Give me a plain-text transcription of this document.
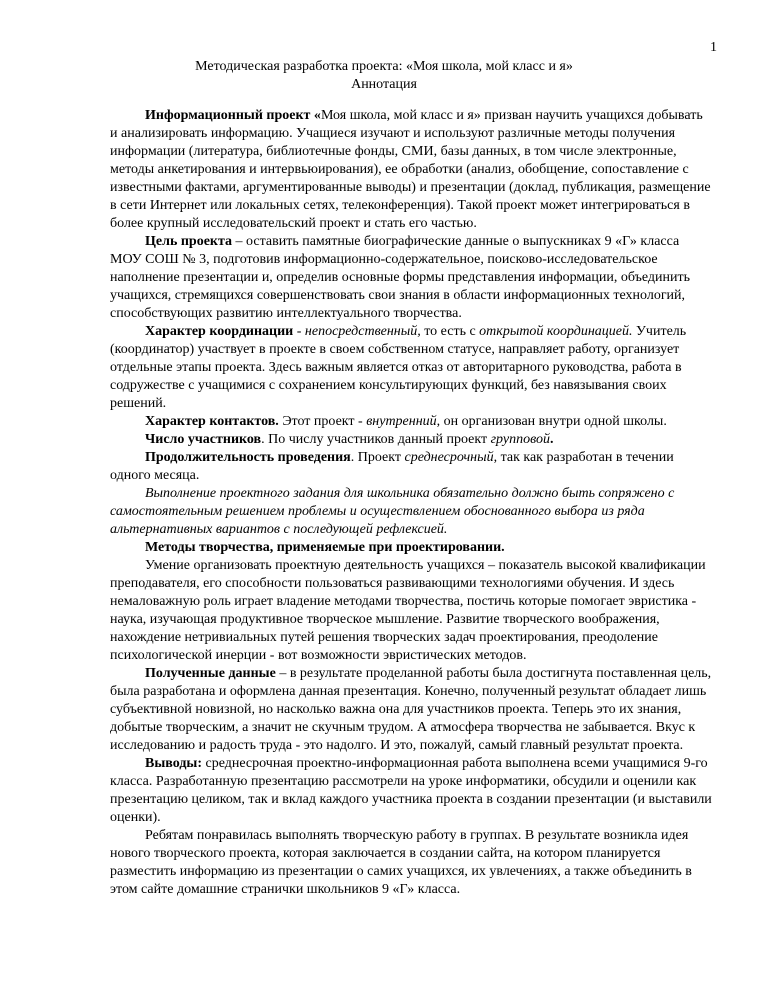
1
Методическая разработка проекта: «Моя школа, мой класс и я»
Аннотация

Информационный проект «Моя школа, мой класс и я» призван научить учащихся добывать и анализировать информацию. Учащиеся изучают и используют различные методы получения информации (литература, библиотечные фонды, СМИ, базы данных, в том числе электронные, методы анкетирования и интервьюирования), ее обработки (анализ, обобщение, сопоставление с известными фактами, аргументированные выводы) и презентации (доклад, публикация, размещение в сети Интернет или локальных сетях, телеконференция). Такой проект может интегрироваться в более крупный исследовательский проект и стать его частью.

Цель проекта – оставить памятные биографические данные о выпускниках 9 «Г» класса МОУ СОШ № 3, подготовив информационно-содержательное, поисково-исследовательское наполнение презентации и, определив основные формы представления информации, объединить учащихся, стремящихся совершенствовать свои знания в области информационных технологий, способствующих развитию интеллектуального творчества.

Характер координации - непосредственный, то есть с открытой координацией. Учитель (координатор) участвует в проекте в своем собственном статусе, направляет работу, организует отдельные этапы проекта. Здесь важным является отказ от авторитарного руководства, работа в содружестве с учащимися с сохранением консультирующих функций, без навязывания своих решений.

Характер контактов. Этот проект - внутренний, он организован внутри одной школы.

Число участников. По числу участников данный проект групповой.

Продолжительность проведения. Проект среднесрочный, так как разработан в течении одного месяца.

Выполнение проектного задания для школьника обязательно должно быть сопряжено с самостоятельным решением проблемы и осуществлением обоснованного выбора из ряда альтернативных вариантов с последующей рефлексией.

Методы творчества, применяемые при проектировании.

Умение организовать проектную деятельность учащихся – показатель высокой квалификации преподавателя, его способности пользоваться развивающими технологиями обучения. И здесь немаловажную роль играет владение методами творчества, постичь которые помогает эвристика - наука, изучающая продуктивное творческое мышление. Развитие творческого воображения, нахождение нетривиальных путей решения творческих задач проектирования, преодоление психологической инерции - вот возможности эвристических методов.

Полученные данные – в результате проделанной работы была достигнута поставленная цель, была разработана и оформлена данная презентация. Конечно, полученный результат обладает лишь субъективной новизной, но насколько важна она для участников проекта. Теперь это их знания, добытые творческим, а значит не скучным трудом. А атмосфера творчества не забывается. Вкус к исследованию и радость труда - это надолго. И это, пожалуй, самый главный результат проекта.

Выводы: среднесрочная проектно-информационная работа выполнена всеми учащимися 9-го класса. Разработанную презентацию рассмотрели на уроке информатики, обсудили и оценили как презентацию целиком, так и вклад каждого участника проекта в создании презентации (и выставили оценки).

Ребятам понравилась выполнять творческую работу в группах. В результате возникла идея нового творческого проекта, которая заключается в создании сайта, на котором планируется разместить информацию из презентации о самих учащихся, их увлечениях, а также объединить в этом сайте домашние странички школьников 9 «Г» класса.
